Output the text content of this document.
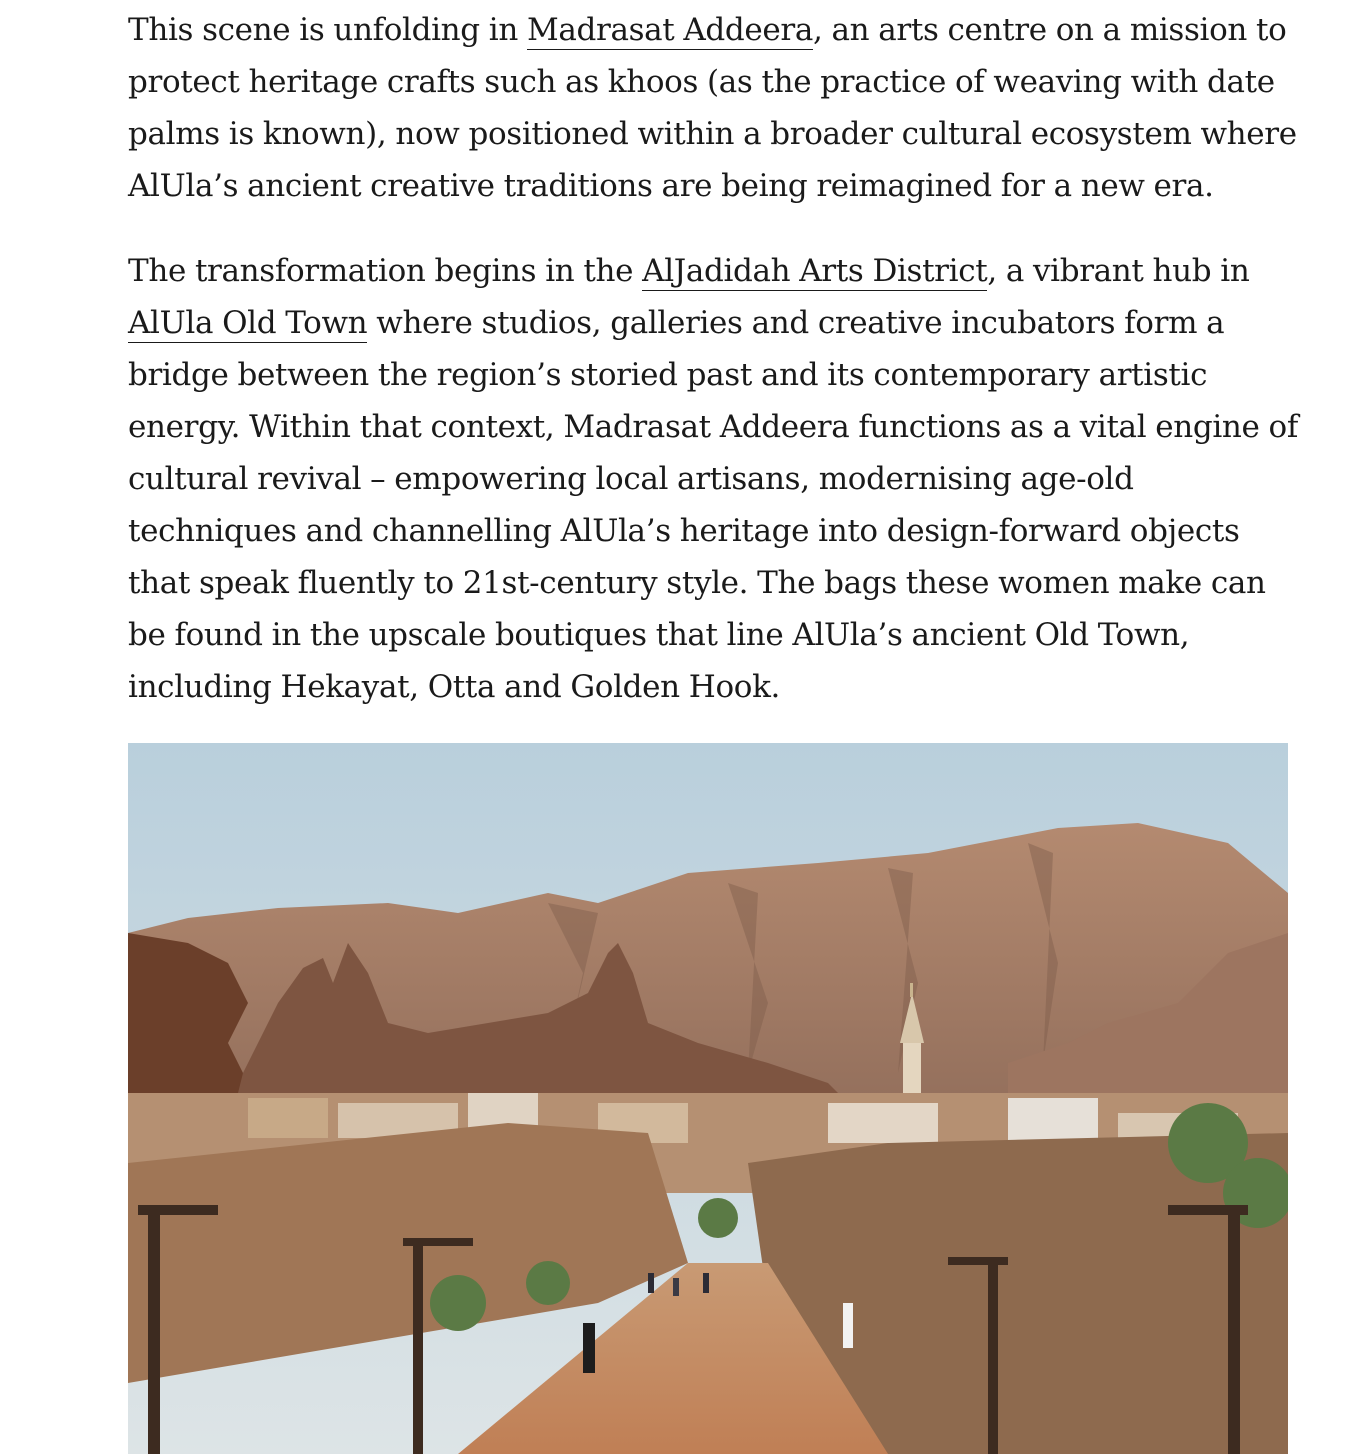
This scene is unfolding in Madrasat Addeera, an arts centre on a mission to protect heritage crafts such as khoos (as the practice of weaving with date palms is known), now positioned within a broader cultural ecosystem where AlUla’s ancient creative traditions are being reimagined for a new era.

The transformation begins in the AlJadidah Arts District, a vibrant hub in AlUla Old Town where studios, galleries and creative incubators form a bridge between the region’s storied past and its contemporary artistic energy. Within that context, Madrasat Addeera functions as a vital engine of cultural revival – empowering local artisans, modernising age-old techniques and channelling AlUla’s heritage into design-forward objects that speak fluently to 21st-century style. The bags these women make can be found in the upscale boutiques that line AlUla’s ancient Old Town, including Hekayat, Otta and Golden Hook.
